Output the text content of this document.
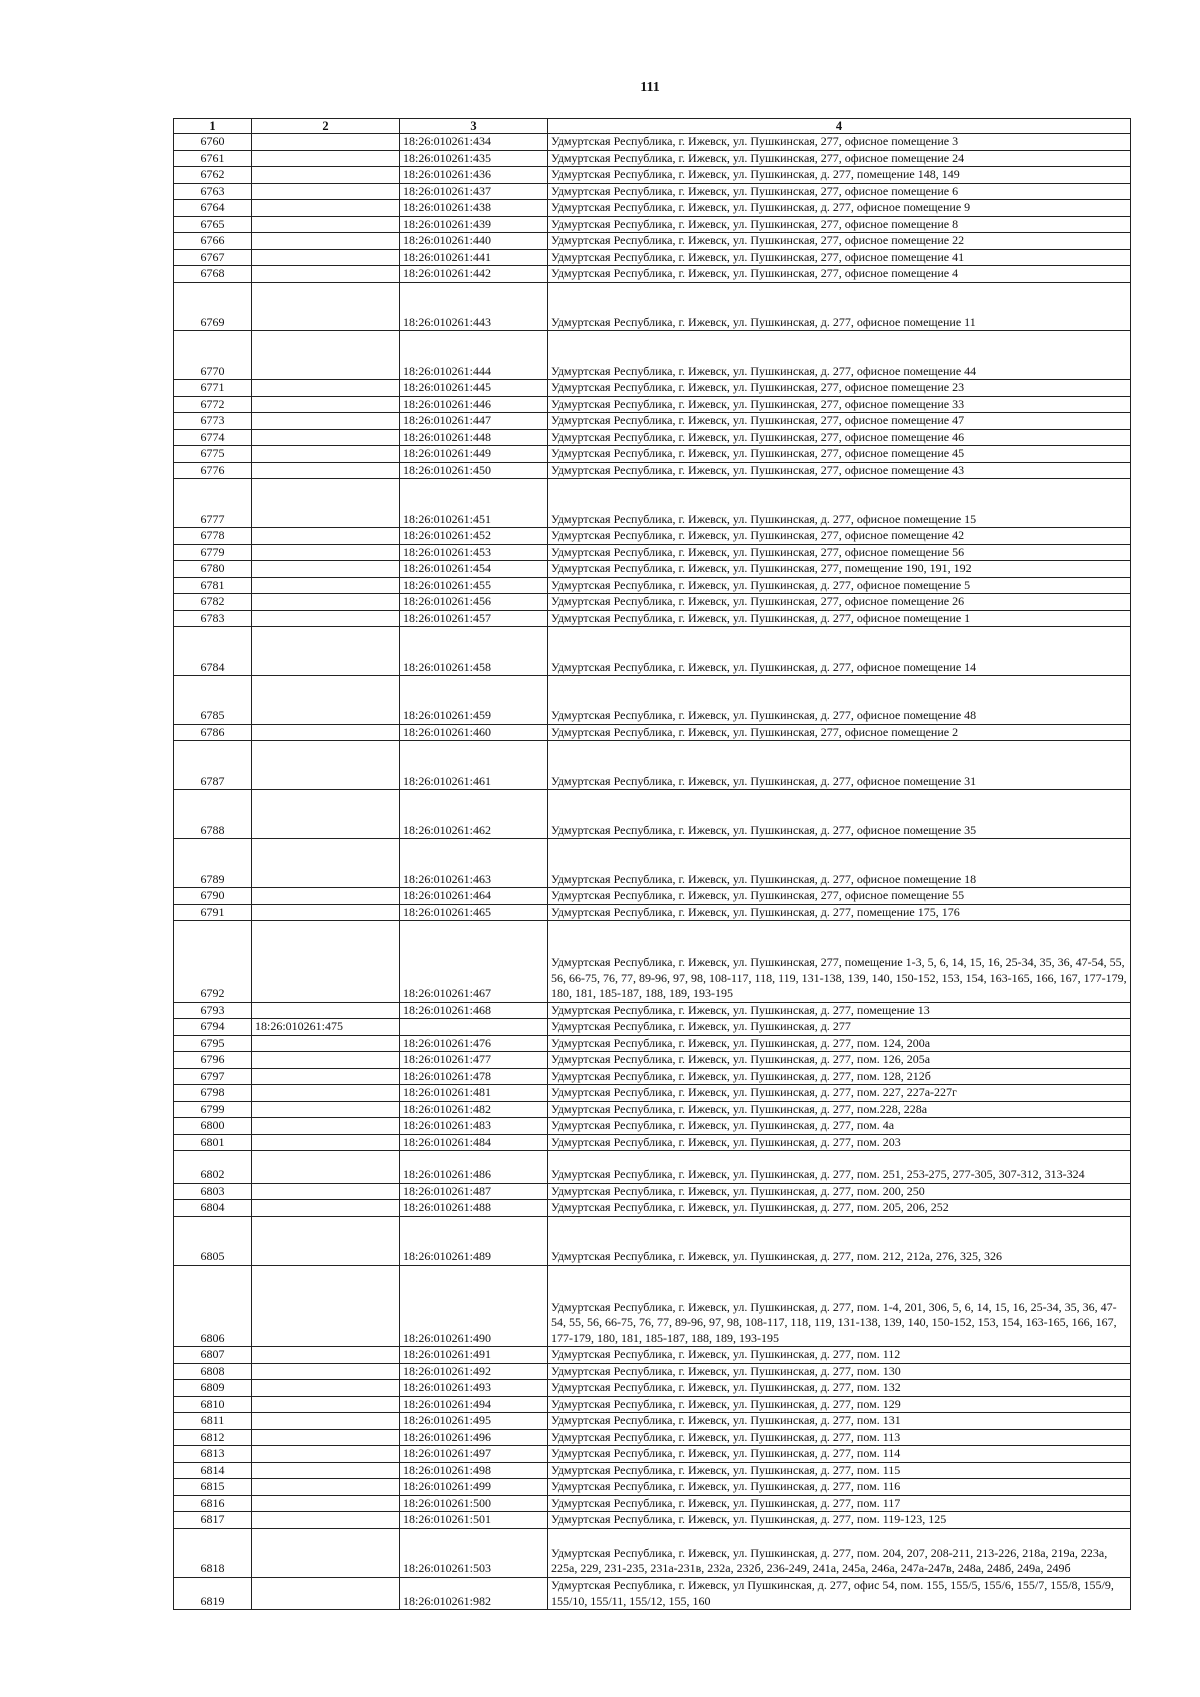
111
1	2	3	4
6760		18:26:010261:434	Удмуртская Республика, г. Ижевск, ул. Пушкинская, 277, офисное помещение 3
6761		18:26:010261:435	Удмуртская Республика, г. Ижевск, ул. Пушкинская, 277, офисное помещение 24
6762		18:26:010261:436	Удмуртская Республика, г. Ижевск, ул. Пушкинская, д. 277, помещение 148, 149
6763		18:26:010261:437	Удмуртская Республика, г. Ижевск, ул. Пушкинская, 277, офисное помещение 6
6764		18:26:010261:438	Удмуртская Республика, г. Ижевск, ул. Пушкинская, д. 277, офисное помещение 9
6765		18:26:010261:439	Удмуртская Республика, г. Ижевск, ул. Пушкинская, 277, офисное помещение 8
6766		18:26:010261:440	Удмуртская Республика, г. Ижевск, ул. Пушкинская, 277, офисное помещение 22
6767		18:26:010261:441	Удмуртская Республика, г. Ижевск, ул. Пушкинская, 277, офисное помещение 41
6768		18:26:010261:442	Удмуртская Республика, г. Ижевск, ул. Пушкинская, 277, офисное помещение 4
6769		18:26:010261:443	Удмуртская Республика, г. Ижевск, ул. Пушкинская, д. 277, офисное помещение 11
6770		18:26:010261:444	Удмуртская Республика, г. Ижевск, ул. Пушкинская, д. 277, офисное помещение 44
6771		18:26:010261:445	Удмуртская Республика, г. Ижевск, ул. Пушкинская, 277, офисное помещение 23
6772		18:26:010261:446	Удмуртская Республика, г. Ижевск, ул. Пушкинская, 277, офисное помещение 33
6773		18:26:010261:447	Удмуртская Республика, г. Ижевск, ул. Пушкинская, 277, офисное помещение 47
6774		18:26:010261:448	Удмуртская Республика, г. Ижевск, ул. Пушкинская, 277, офисное помещение 46
6775		18:26:010261:449	Удмуртская Республика, г. Ижевск, ул. Пушкинская, 277, офисное помещение 45
6776		18:26:010261:450	Удмуртская Республика, г. Ижевск, ул. Пушкинская, 277, офисное помещение 43
6777		18:26:010261:451	Удмуртская Республика, г. Ижевск, ул. Пушкинская, д. 277, офисное помещение 15
6778		18:26:010261:452	Удмуртская Республика, г. Ижевск, ул. Пушкинская, 277, офисное помещение 42
6779		18:26:010261:453	Удмуртская Республика, г. Ижевск, ул. Пушкинская, 277, офисное помещение 56
6780		18:26:010261:454	Удмуртская Республика, г. Ижевск, ул. Пушкинская, 277, помещение 190, 191, 192
6781		18:26:010261:455	Удмуртская Республика, г. Ижевск, ул. Пушкинская, д. 277, офисное помещение 5
6782		18:26:010261:456	Удмуртская Республика, г. Ижевск, ул. Пушкинская, 277, офисное помещение 26
6783		18:26:010261:457	Удмуртская Республика, г. Ижевск, ул. Пушкинская, д. 277, офисное помещение 1
6784		18:26:010261:458	Удмуртская Республика, г. Ижевск, ул. Пушкинская, д. 277, офисное помещение 14
6785		18:26:010261:459	Удмуртская Республика, г. Ижевск, ул. Пушкинская, д. 277, офисное помещение 48
6786		18:26:010261:460	Удмуртская Республика, г. Ижевск, ул. Пушкинская, 277, офисное помещение 2
6787		18:26:010261:461	Удмуртская Республика, г. Ижевск, ул. Пушкинская, д. 277, офисное помещение 31
6788		18:26:010261:462	Удмуртская Республика, г. Ижевск, ул. Пушкинская, д. 277, офисное помещение 35
6789		18:26:010261:463	Удмуртская Республика, г. Ижевск, ул. Пушкинская, д. 277, офисное помещение 18
6790		18:26:010261:464	Удмуртская Республика, г. Ижевск, ул. Пушкинская, 277, офисное помещение 55
6791		18:26:010261:465	Удмуртская Республика, г. Ижевск, ул. Пушкинская, д. 277, помещение 175, 176
6792		18:26:010261:467	Удмуртская Республика, г. Ижевск, ул. Пушкинская, 277, помещение 1-3, 5, 6, 14, 15, 16, 25-34, 35, 36, 47-54, 55, 56, 66-75, 76, 77, 89-96, 97, 98, 108-117, 118, 119, 131-138, 139, 140, 150-152, 153, 154, 163-165, 166, 167, 177-179, 180, 181, 185-187, 188, 189, 193-195
6793		18:26:010261:468	Удмуртская Республика, г. Ижевск, ул. Пушкинская, д. 277, помещение 13
6794	18:26:010261:475		Удмуртская Республика, г. Ижевск, ул. Пушкинская, д. 277
6795		18:26:010261:476	Удмуртская Республика, г. Ижевск, ул. Пушкинская, д. 277, пом. 124, 200а
6796		18:26:010261:477	Удмуртская Республика, г. Ижевск, ул. Пушкинская, д. 277, пом. 126, 205а
6797		18:26:010261:478	Удмуртская Республика, г. Ижевск, ул. Пушкинская, д. 277, пом. 128, 212б
6798		18:26:010261:481	Удмуртская Республика, г. Ижевск, ул. Пушкинская, д. 277, пом. 227, 227а-227г
6799		18:26:010261:482	Удмуртская Республика, г. Ижевск, ул. Пушкинская, д. 277, пом.228, 228а
6800		18:26:010261:483	Удмуртская Республика, г. Ижевск, ул. Пушкинская, д. 277, пом. 4а
6801		18:26:010261:484	Удмуртская Республика, г. Ижевск, ул. Пушкинская, д. 277, пом. 203
6802		18:26:010261:486	Удмуртская Республика, г. Ижевск, ул. Пушкинская, д. 277, пом. 251, 253-275, 277-305, 307-312, 313-324
6803		18:26:010261:487	Удмуртская Республика, г. Ижевск, ул. Пушкинская, д. 277, пом. 200, 250
6804		18:26:010261:488	Удмуртская Республика, г. Ижевск, ул. Пушкинская, д. 277, пом. 205, 206, 252
6805		18:26:010261:489	Удмуртская Республика, г. Ижевск, ул. Пушкинская, д. 277, пом. 212, 212а, 276, 325, 326
6806		18:26:010261:490	Удмуртская Республика, г. Ижевск, ул. Пушкинская, д. 277, пом. 1-4, 201, 306, 5, 6, 14, 15, 16, 25-34, 35, 36, 47-54, 55, 56, 66-75, 76, 77, 89-96, 97, 98, 108-117, 118, 119, 131-138, 139, 140, 150-152, 153, 154, 163-165, 166, 167, 177-179, 180, 181, 185-187, 188, 189, 193-195
6807		18:26:010261:491	Удмуртская Республика, г. Ижевск, ул. Пушкинская, д. 277, пом. 112
6808		18:26:010261:492	Удмуртская Республика, г. Ижевск, ул. Пушкинская, д. 277, пом. 130
6809		18:26:010261:493	Удмуртская Республика, г. Ижевск, ул. Пушкинская, д. 277, пом. 132
6810		18:26:010261:494	Удмуртская Республика, г. Ижевск, ул. Пушкинская, д. 277, пом. 129
6811		18:26:010261:495	Удмуртская Республика, г. Ижевск, ул. Пушкинская, д. 277, пом. 131
6812		18:26:010261:496	Удмуртская Республика, г. Ижевск, ул. Пушкинская, д. 277, пом. 113
6813		18:26:010261:497	Удмуртская Республика, г. Ижевск, ул. Пушкинская, д. 277, пом. 114
6814		18:26:010261:498	Удмуртская Республика, г. Ижевск, ул. Пушкинская, д. 277, пом. 115
6815		18:26:010261:499	Удмуртская Республика, г. Ижевск, ул. Пушкинская, д. 277, пом. 116
6816		18:26:010261:500	Удмуртская Республика, г. Ижевск, ул. Пушкинская, д. 277, пом. 117
6817		18:26:010261:501	Удмуртская Республика, г. Ижевск, ул. Пушкинская, д. 277, пом. 119-123, 125
6818		18:26:010261:503	Удмуртская Республика, г. Ижевск, ул. Пушкинская, д. 277, пом. 204, 207, 208-211, 213-226, 218а, 219а, 223а, 225а, 229, 231-235, 231а-231в, 232а, 232б, 236-249, 241а, 245а, 246а, 247а-247в, 248а, 248б, 249а, 249б
6819		18:26:010261:982	Удмуртская Республика, г. Ижевск, ул Пушкинская, д. 277, офис 54, пом. 155, 155/5, 155/6, 155/7, 155/8, 155/9, 155/10, 155/11, 155/12, 155, 160
